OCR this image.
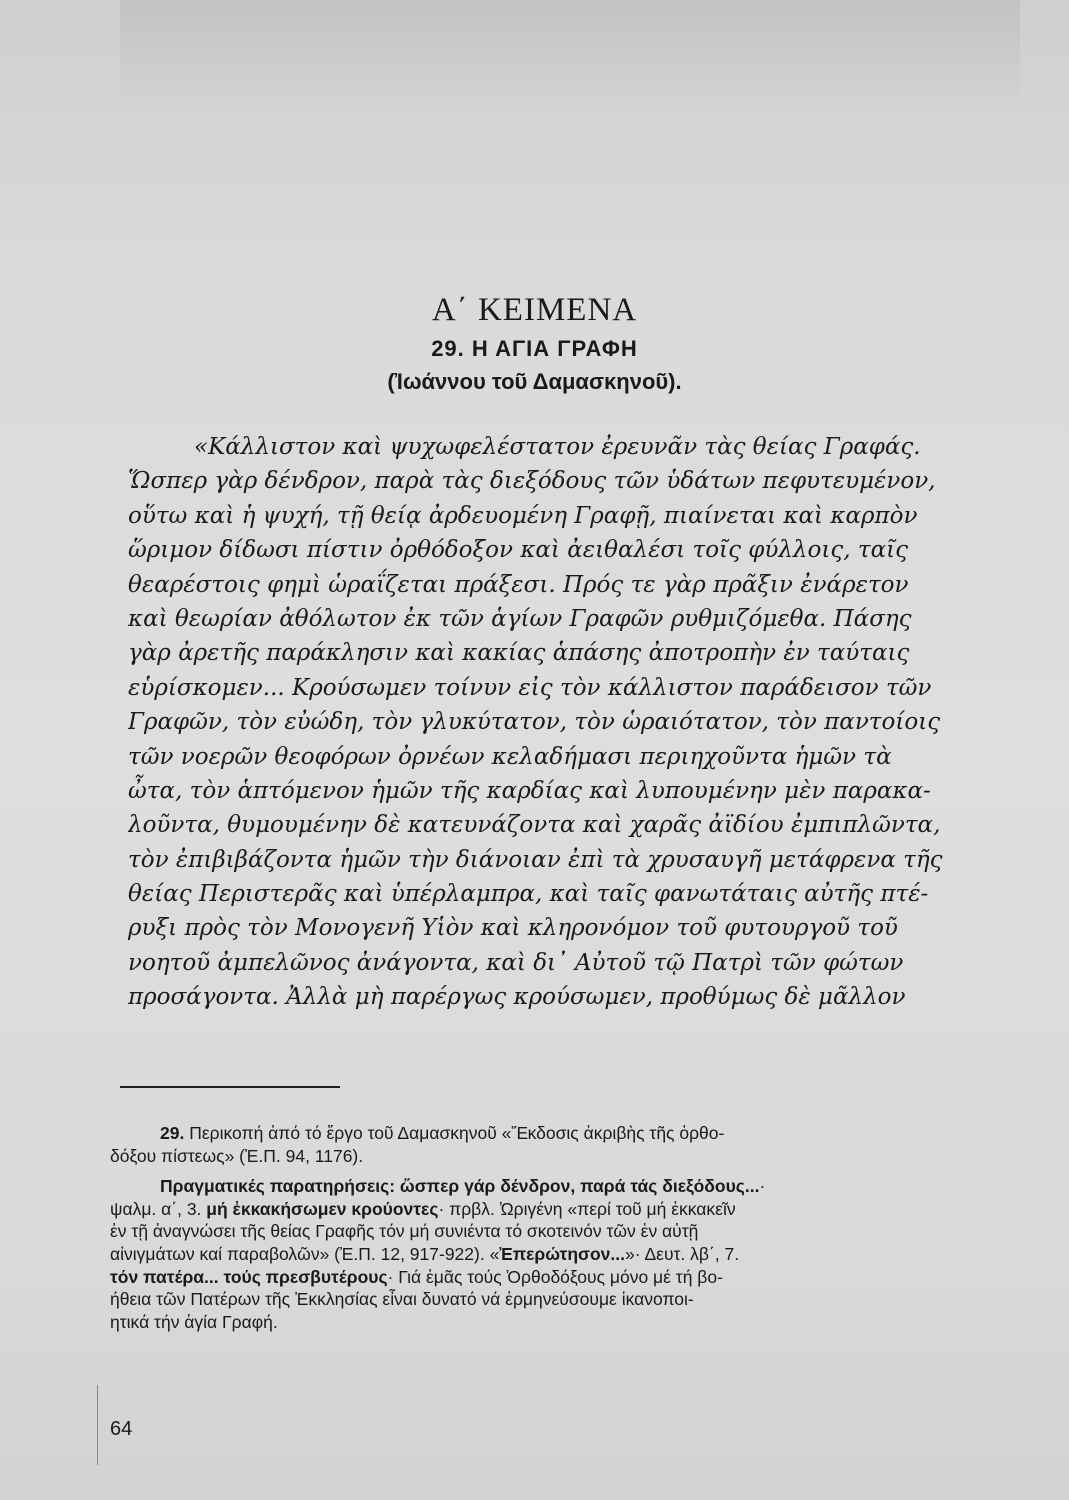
Α΄ ΚΕΙΜΕΝΑ
29. Η ΑΓΙΑ ΓΡΑΦΗ
(Ἰωάννου τοῦ Δαμασκηνοῦ).
«Κάλλιστον καὶ ψυχωφελέστατον ἐρευνᾶν τὰς θείας Γραφάς.
Ὥσπερ γὰρ δένδρον, παρὰ τὰς διεξόδους τῶν ὑδάτων πεφυτευμένον,
οὕτω καὶ ἡ ψυχή, τῇ θείᾳ ἀρδευομένη Γραφῇ, πιαίνεται καὶ καρπὸν
ὥριμον δίδωσι πίστιν ὀρθόδοξον καὶ ἀειθαλέσι τοῖς φύλλοις, ταῖς
θεαρέστοις φημὶ ὡραΐζεται πράξεσι. Πρός τε γὰρ πρᾶξιν ἐνάρετον
καὶ θεωρίαν ἀθόλωτον ἐκ τῶν ἁγίων Γραφῶν ρυθμιζόμεθα. Πάσης
γὰρ ἀρετῆς παράκλησιν καὶ κακίας ἁπάσης ἀποτροπὴν ἐν ταύταις
εὑρίσκομεν... Κρούσωμεν τοίνυν εἰς τὸν κάλλιστον παράδεισον τῶν
Γραφῶν, τὸν εὐώδη, τὸν γλυκύτατον, τὸν ὡραιότατον, τὸν παντοίοις
τῶν νοερῶν θεοφόρων ὀρνέων κελαδήμασι περιηχοῦντα ἡμῶν τὰ
ὦτα, τὸν ἁπτόμενον ἡμῶν τῆς καρδίας καὶ λυπουμένην μὲν παρακα-
λοῦντα, θυμουμένην δὲ κατευνάζοντα καὶ χαρᾶς ἀϊδίου ἐμπιπλῶντα,
τὸν ἐπιβιβάζοντα ἡμῶν τὴν διάνοιαν ἐπὶ τὰ χρυσαυγῆ μετάφρενα τῆς
θείας Περιστερᾶς καὶ ὑπέρλαμπρα, καὶ ταῖς φανωτάταις αὐτῆς πτέ-
ρυξι πρὸς τὸν Μονογενῆ Υἱὸν καὶ κληρονόμον τοῦ φυτουργοῦ τοῦ
νοητοῦ ἀμπελῶνος ἀνάγοντα, καὶ δι᾽ Αὐτοῦ τῷ Πατρὶ τῶν φώτων
προσάγοντα. Ἀλλὰ μὴ παρέργως κρούσωμεν, προθύμως δὲ μᾶλλον
29. Περικοπή ἀπό τό ἔργο τοῦ Δαμασκηνοῦ «Ἔκδοσις ἀκριβὴς τῆς ὀρθο-
δόξου πίστεως» (Ἐ.Π. 94, 1176).
Πραγματικές παρατηρήσεις: ὥσπερ γάρ δένδρον, παρά τάς διεξόδους...·
ψαλμ. α΄, 3. μή ἐκκακήσωμεν κρούοντες· πρβλ. Ὠριγένη «περί τοῦ μή ἐκκακεῖν
ἐν τῇ ἀναγνώσει τῆς θείας Γραφῆς τόν μή συνιέντα τό σκοτεινόν τῶν ἐν αὐτῇ
αἰνιγμάτων καί παραβολῶν» (Ἐ.Π. 12, 917-922). «Ἐπερώτησον...»· Δευτ. λβ΄, 7.
τόν πατέρα... τούς πρεσβυτέρους· Γιά ἐμᾶς τούς Ὀρθοδόξους μόνο μέ τή βο-
ήθεια τῶν Πατέρων τῆς Ἐκκλησίας εἶναι δυνατό νά ἑρμηνεύσουμε ἱκανοποι-
ητικά τήν ἁγία Γραφή.
64
